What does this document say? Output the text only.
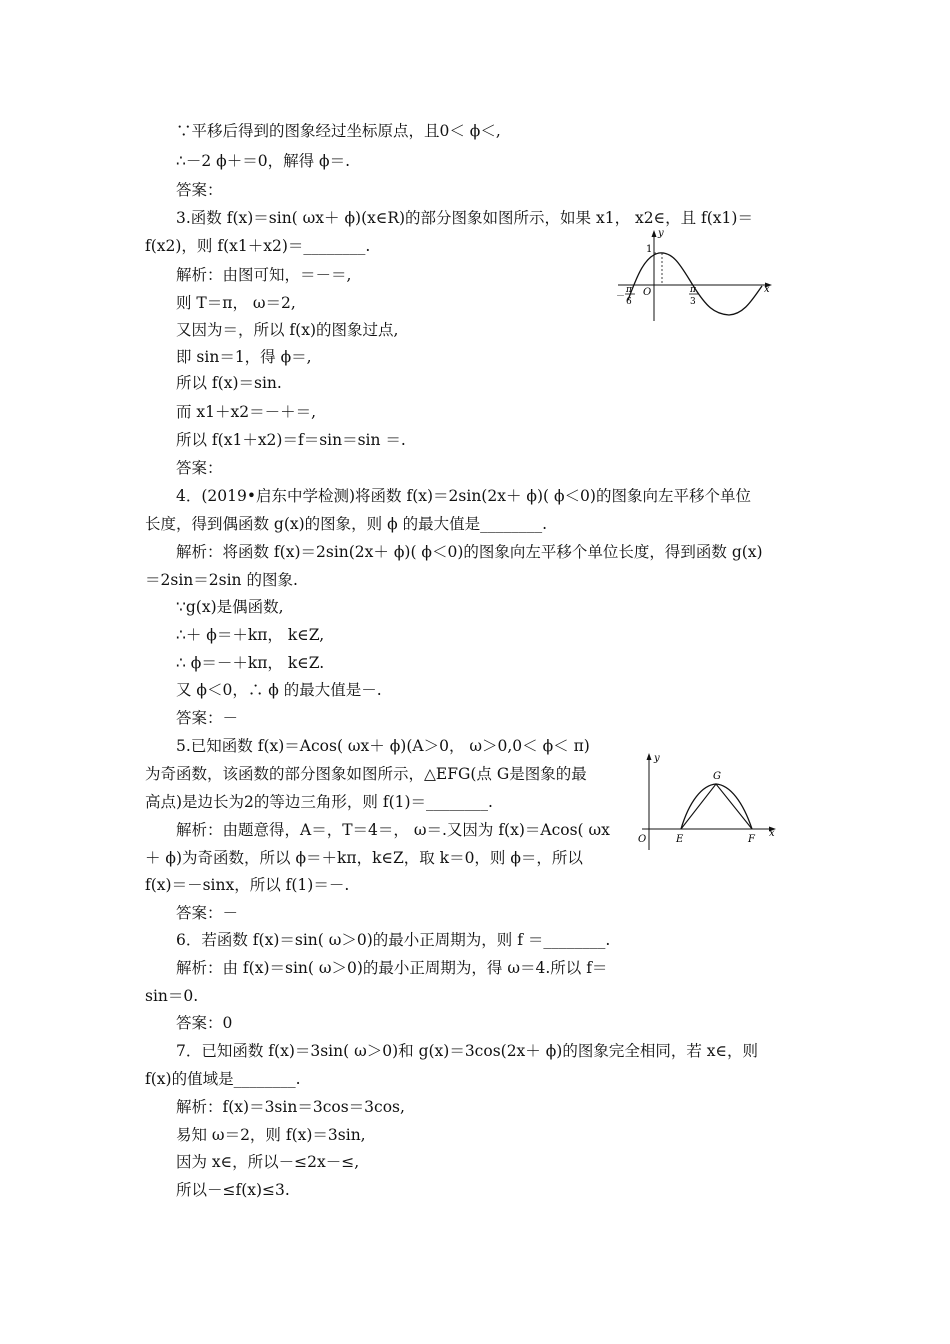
∵平移后得到的图象经过坐标原点，且0＜ ϕ＜,
∴－2 ϕ＋＝0，解得 ϕ＝.
答案：
3.函数 f(x)＝sin( ωx＋ ϕ)(x∈R)的部分图象如图所示，如果 x1， x2∈，且 f(x1)＝
f(x2)，则 f(x1＋x2)＝________.
解析：由图可知，＝－＝,
则 T＝π， ω＝2,
又因为＝，所以 f(x)的图象过点,
即 sin＝1，得 ϕ＝,
所以 f(x)＝sin.
而 x1＋x2＝－＋＝,
所以 f(x1＋x2)＝f＝sin＝sin ＝.
答案：
4．(2019•启东中学检测)将函数 f(x)＝2sin(2x＋ ϕ)( ϕ＜0)的图象向左平移个单位
长度，得到偶函数 g(x)的图象，则 ϕ 的最大值是________.
解析：将函数 f(x)＝2sin(2x＋ ϕ)( ϕ＜0)的图象向左平移个单位长度，得到函数 g(x)
＝2sin＝2sin 的图象.
∵g(x)是偶函数,
∴＋ ϕ＝＋kπ， k∈Z,
∴ ϕ＝－＋kπ， k∈Z.
又 ϕ＜0，∴ ϕ 的最大值是－.
答案：－
5.已知函数 f(x)＝Acos( ωx＋ ϕ)(A＞0， ω＞0,0＜ ϕ＜ π)
为奇函数，该函数的部分图象如图所示，△EFG(点 G是图象的最
高点)是边长为2的等边三角形，则 f(1)＝________.
解析：由题意得，A＝，T＝4＝， ω＝.又因为 f(x)＝Acos( ωx
＋ ϕ)为奇函数，所以 ϕ＝＋kπ，k∈Z，取 k＝0，则 ϕ＝，所以
f(x)＝－sinx，所以 f(1)＝－.
答案：－
6．若函数 f(x)＝sin( ω＞0)的最小正周期为，则 f ＝________.
解析：由 f(x)＝sin( ω＞0)的最小正周期为，得 ω＝4.所以 f＝
sin＝0.
答案：0
7．已知函数 f(x)＝3sin( ω＞0)和 g(x)＝3cos(2x＋ ϕ)的图象完全相同，若 x∈，则
f(x)的值域是________.
解析：f(x)＝3sin＝3cos＝3cos,
易知 ω＝2，则 f(x)＝3sin,
因为 x∈，所以－≤2x－≤,
所以－≤f(x)≤3.
y
x
1
O
－
π
6
π
3
y
x
O	E	F
G
